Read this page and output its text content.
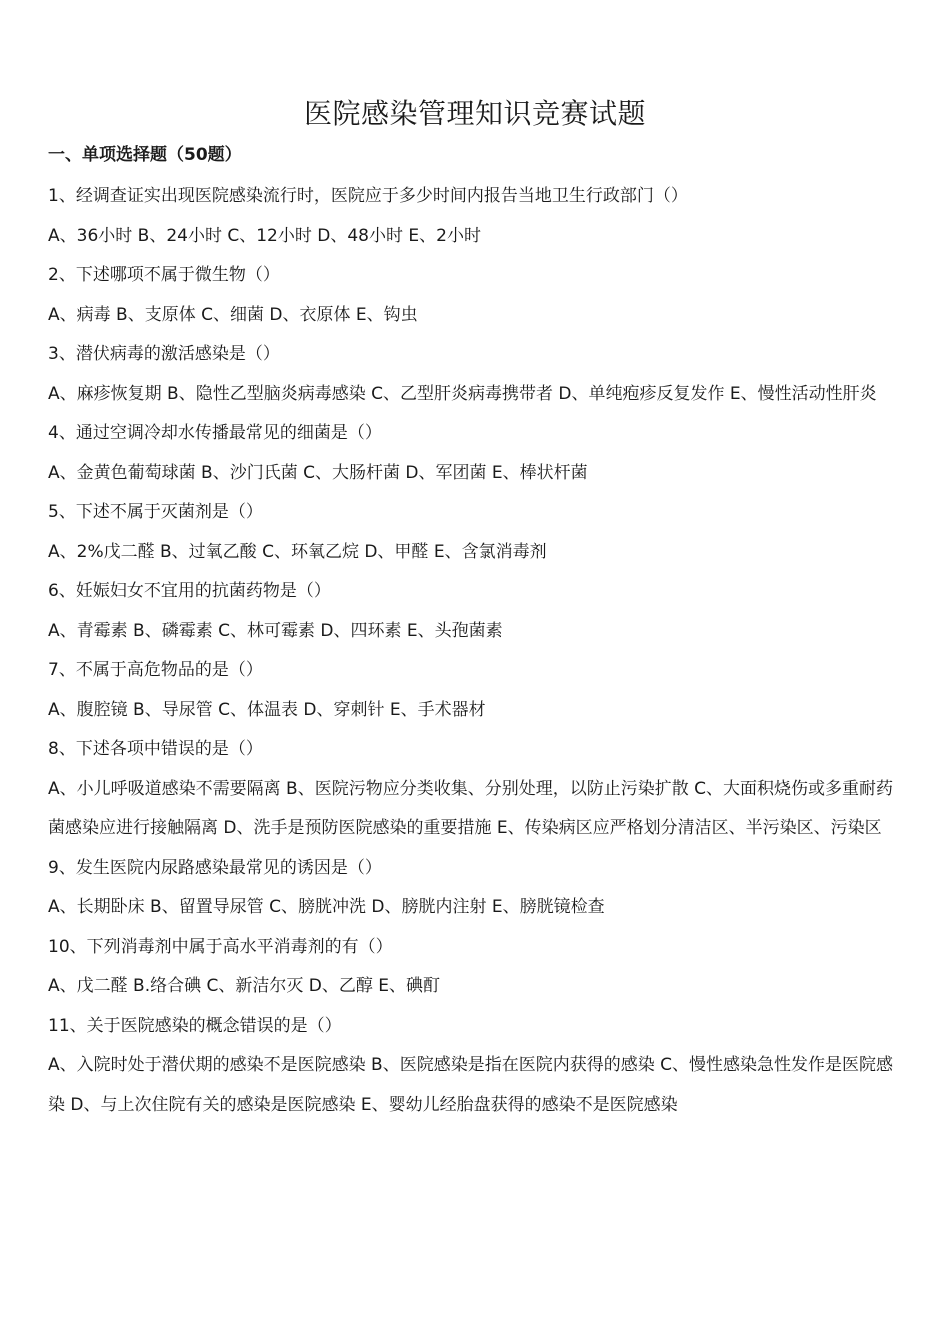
医院感染管理知识竞赛试题

一、单项选择题（50题）

1、经调查证实出现医院感染流行时，医院应于多少时间内报告当地卫生行政部门（）

A、36小时 B、24小时 C、12小时 D、48小时 E、2小时

2、下述哪项不属于微生物（）

A、病毒 B、支原体 C、细菌 D、衣原体 E、钩虫

3、潜伏病毒的激活感染是（）

A、麻疹恢复期 B、隐性乙型脑炎病毒感染 C、乙型肝炎病毒携带者 D、单纯疱疹反复发作 E、慢性活动性肝炎

4、通过空调冷却水传播最常见的细菌是（）

A、金黄色葡萄球菌 B、沙门氏菌 C、大肠杆菌 D、军团菌 E、棒状杆菌

5、下述不属于灭菌剂是（）

A、2%戊二醛 B、过氧乙酸 C、环氧乙烷 D、甲醛 E、含氯消毒剂

6、妊娠妇女不宜用的抗菌药物是（）

A、青霉素 B、磷霉素 C、林可霉素 D、四环素 E、头孢菌素

7、不属于高危物品的是（）

A、腹腔镜 B、导尿管 C、体温表 D、穿刺针 E、手术器材

8、下述各项中错误的是（）

A、小儿呼吸道感染不需要隔离 B、医院污物应分类收集、分别处理，以防止污染扩散 C、大面积烧伤或多重耐药菌感染应进行接触隔离 D、洗手是预防医院感染的重要措施 E、传染病区应严格划分清洁区、半污染区、污染区

9、发生医院内尿路感染最常见的诱因是（）

A、长期卧床 B、留置导尿管 C、膀胱冲洗 D、膀胱内注射 E、膀胱镜检查

10、下列消毒剂中属于高水平消毒剂的有（）

A、戊二醛 B.络合碘 C、新洁尔灭 D、乙醇 E、碘酊

11、关于医院感染的概念错误的是（）

A、入院时处于潜伏期的感染不是医院感染 B、医院感染是指在医院内获得的感染 C、慢性感染急性发作是医院感染 D、与上次住院有关的感染是医院感染 E、婴幼儿经胎盘获得的感染不是医院感染
